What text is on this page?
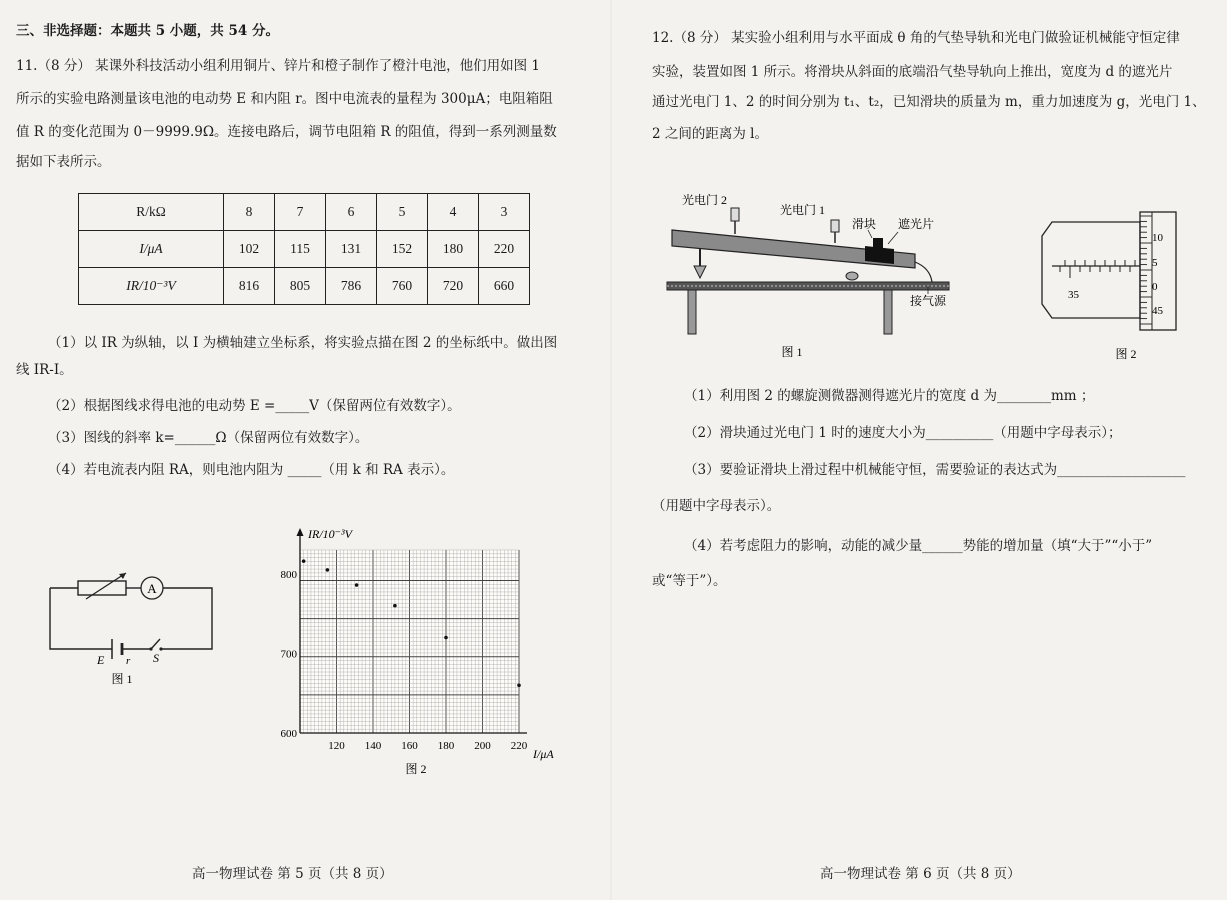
三、非选择题：本题共 5 小题，共 54 分。
11.（8 分） 某课外科技活动小组利用铜片、锌片和橙子制作了橙汁电池，他们用如图 1
所示的实验电路测量该电池的电动势 E 和内阻 r。图中电流表的量程为 300μA；电阻箱阻
值 R 的变化范围为 0－9999.9Ω。连接电路后，调节电阻箱 R 的阻值，得到一系列测量数
据如下表所示。
R/kΩ	8	7	6	5	4	3
I/μA	102	115	131	152	180	220
IR/10⁻³V	816	805	786	760	720	660
（1）以 IR 为纵轴，以 I 为横轴建立坐标系，将实验点描在图 2 的坐标纸中。做出图
线 IR-I。
（2）根据图线求得电池的电动势 E =_____V（保留两位有效数字）。
（3）图线的斜率 k=______Ω（保留两位有效数字）。
（4）若电流表内阻 RA，则电池内阻为 _____（用 k 和 RA 表示）。
A
E r S
图 1
120 140 160 180 200 220
800
700
600
IR/10⁻³V
I/μA
图 2
高一物理试卷 第 5 页（共 8 页）
12.（8 分） 某实验小组利用与水平面成 θ 角的气垫导轨和光电门做验证机械能守恒定律
实验，装置如图 1 所示。将滑块从斜面的底端沿气垫导轨向上推出，宽度为 d 的遮光片
通过光电门 1、2 的时间分别为 t₁、t₂，已知滑块的质量为 m，重力加速度为 g，光电门 1、
2 之间的距离为 l。
光电门 2
光电门 1
滑块 遮光片
接气源
图 1
10
5
0
45
35
图 2
（1）利用图 2 的螺旋测微器测得遮光片的宽度 d 为________mm ；
（2）滑块通过光电门 1 时的速度大小为__________（用题中字母表示）；
（3）要验证滑块上滑过程中机械能守恒，需要验证的表达式为___________________
（用题中字母表示）。
（4）若考虑阻力的影响，动能的减少量______势能的增加量（填“大于”“小于”
或“等于”）。
高一物理试卷 第 6 页（共 8 页）
